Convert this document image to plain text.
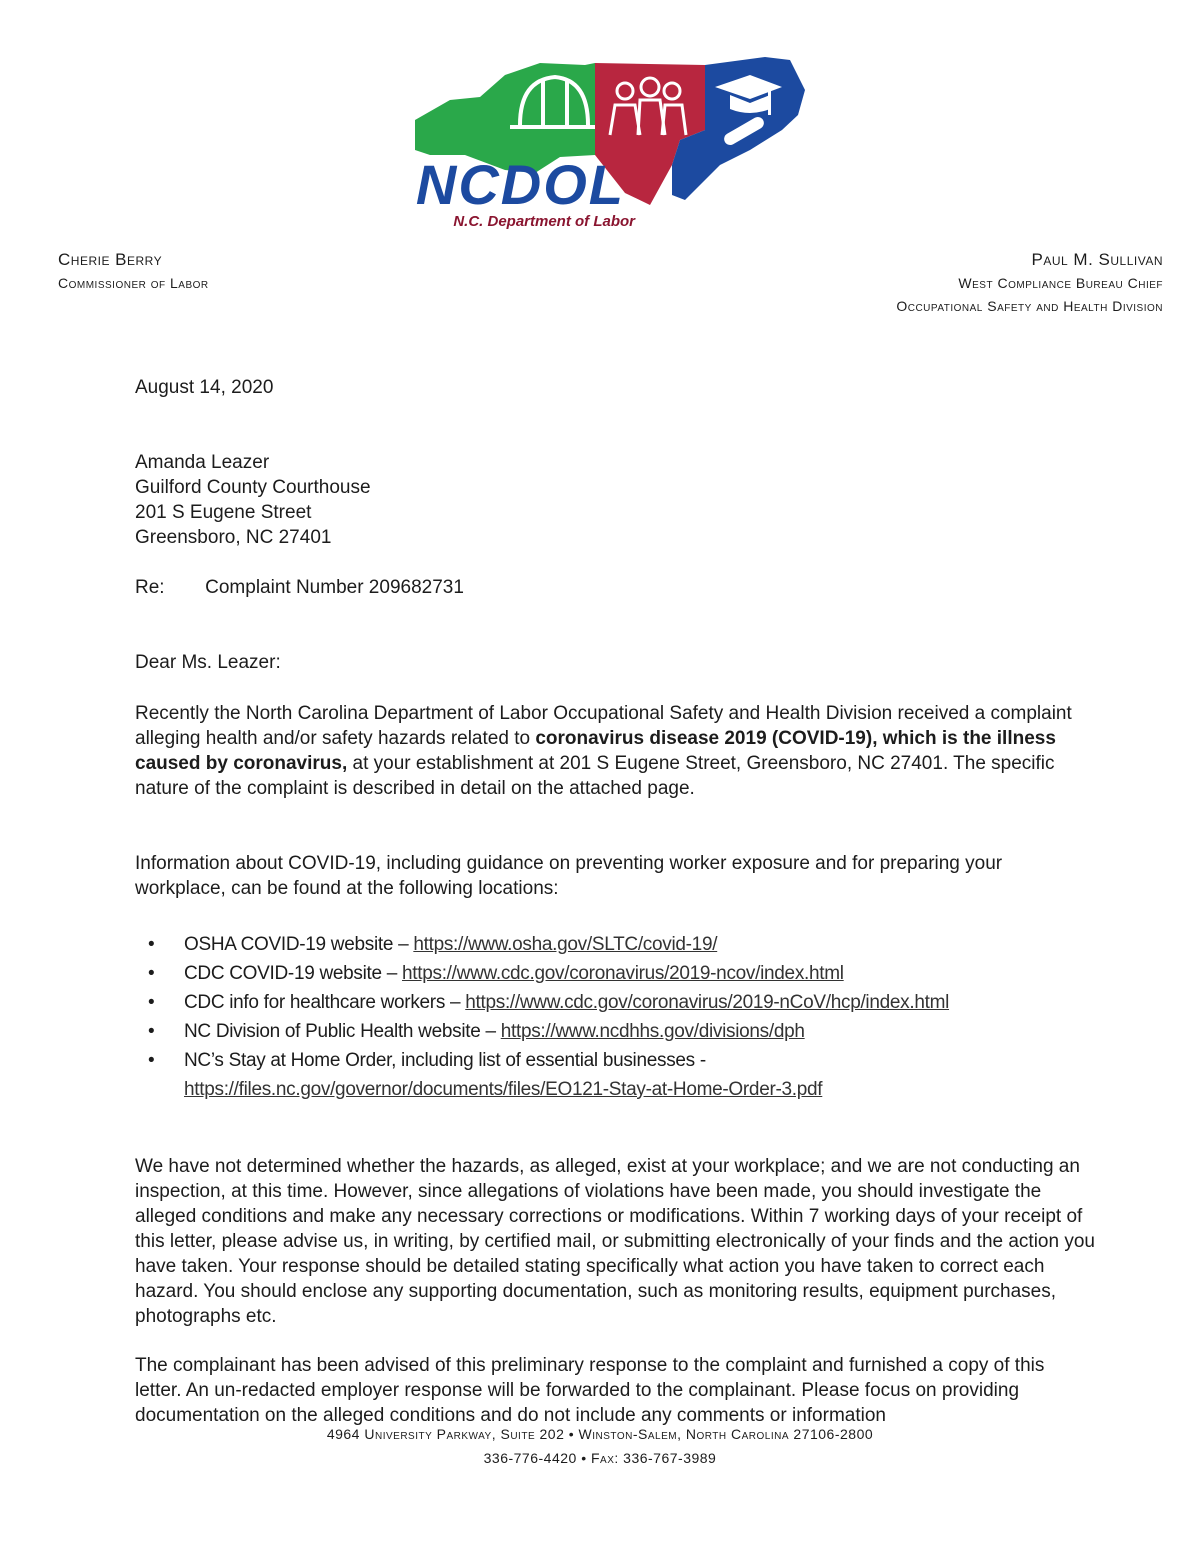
NCDOL
N.C. Department of Labor
Cherie Berry
Commissioner of Labor
Paul M. Sullivan
West Compliance Bureau Chief
Occupational Safety and Health Division
August 14, 2020

Amanda Leazer

Guilford County Courthouse

201 S Eugene Street

Greensboro, NC 27401

Re: Complaint Number 209682731
Dear Ms. Leazer:

Recently the North Carolina Department of Labor Occupational Safety and Health Division received a complaint alleging health and/or safety hazards related to coronavirus disease 2019 (COVID-19), which is the illness caused by coronavirus, at your establishment at 201 S Eugene Street, Greensboro, NC 27401. The specific nature of the complaint is described in detail on the attached page.

Information about COVID-19, including guidance on preventing worker exposure and for preparing your workplace, can be found at the following locations:

• OSHA COVID-19 website – https://www.osha.gov/SLTC/covid-19/
• CDC COVID-19 website – https://www.cdc.gov/coronavirus/2019-ncov/index.html
• CDC info for healthcare workers – https://www.cdc.gov/coronavirus/2019-nCoV/hcp/index.html
• NC Division of Public Health website – https://www.ncdhhs.gov/divisions/dph
• NC’s Stay at Home Order, including list of essential businesses -
https://files.nc.gov/governor/documents/files/EO121-Stay-at-Home-Order-3.pdf

We have not determined whether the hazards, as alleged, exist at your workplace; and we are not conducting an inspection, at this time. However, since allegations of violations have been made, you should investigate the alleged conditions and make any necessary corrections or modifications. Within 7 working days of your receipt of this letter, please advise us, in writing, by certified mail, or submitting electronically of your finds and the action you have taken. Your response should be detailed stating specifically what action you have taken to correct each hazard. You should enclose any supporting documentation, such as monitoring results, equipment purchases, photographs etc.

The complainant has been advised of this preliminary response to the complaint and furnished a copy of this letter. An un-redacted employer response will be forwarded to the complainant. Please focus on providing documentation on the alleged conditions and do not include any comments or information

4964 University Parkway, Suite 202 • Winston-Salem, North Carolina 27106-2800
336-776-4420 • Fax: 336-767-3989
